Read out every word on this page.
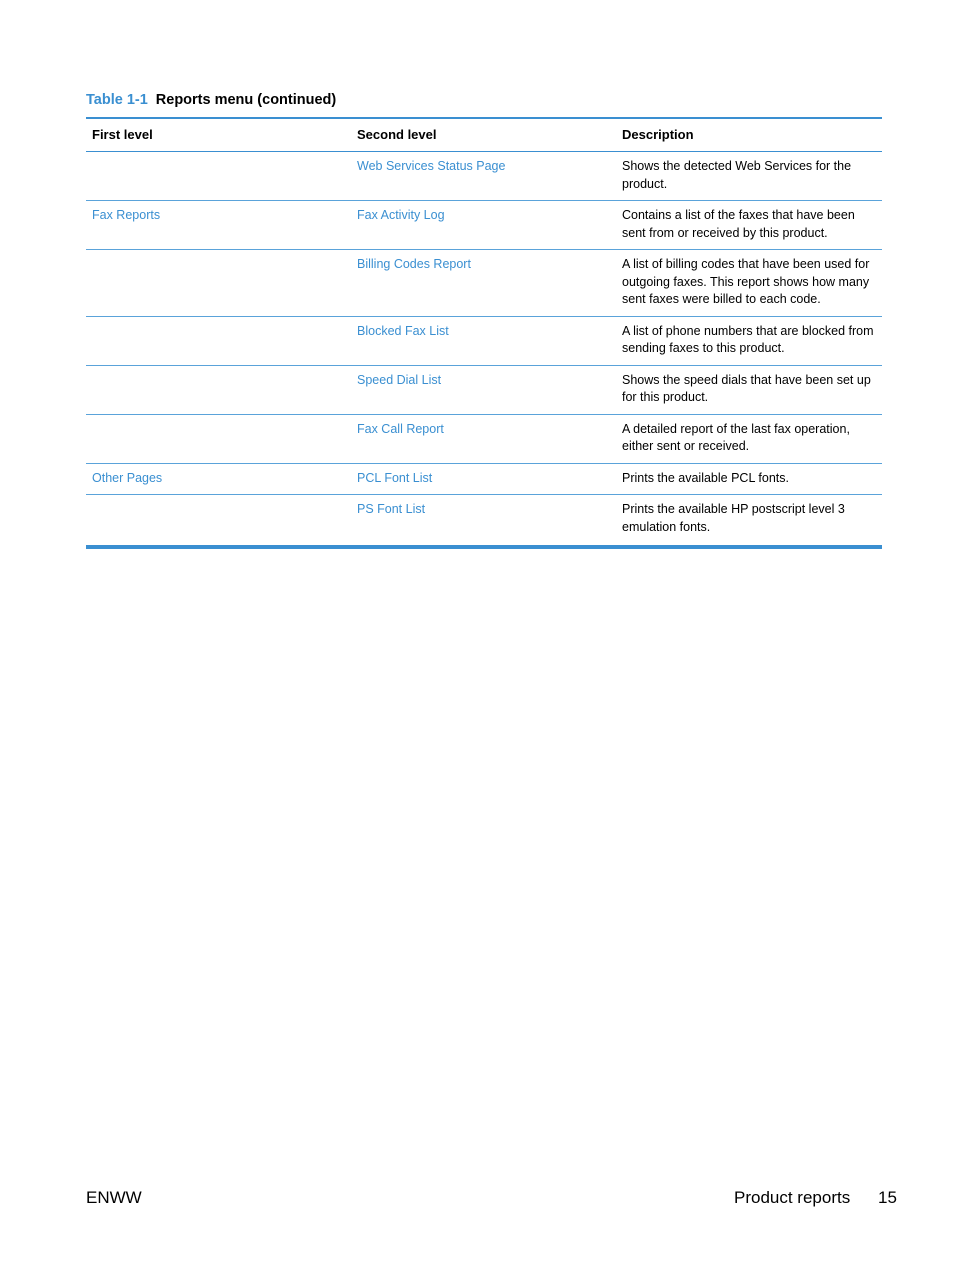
Table 1-1 Reports menu (continued)
First level	Second level	Description
	Web Services Status Page	Shows the detected Web Services for the product.
Fax Reports	Fax Activity Log	Contains a list of the faxes that have been sent from or received by this product.
	Billing Codes Report	A list of billing codes that have been used for outgoing faxes. This report shows how many sent faxes were billed to each code.
	Blocked Fax List	A list of phone numbers that are blocked from sending faxes to this product.
	Speed Dial List	Shows the speed dials that have been set up for this product.
	Fax Call Report	A detailed report of the last fax operation, either sent or received.
Other Pages	PCL Font List	Prints the available PCL fonts.
	PS Font List	Prints the available HP postscript level 3 emulation fonts.
ENWW	Product reports 15
